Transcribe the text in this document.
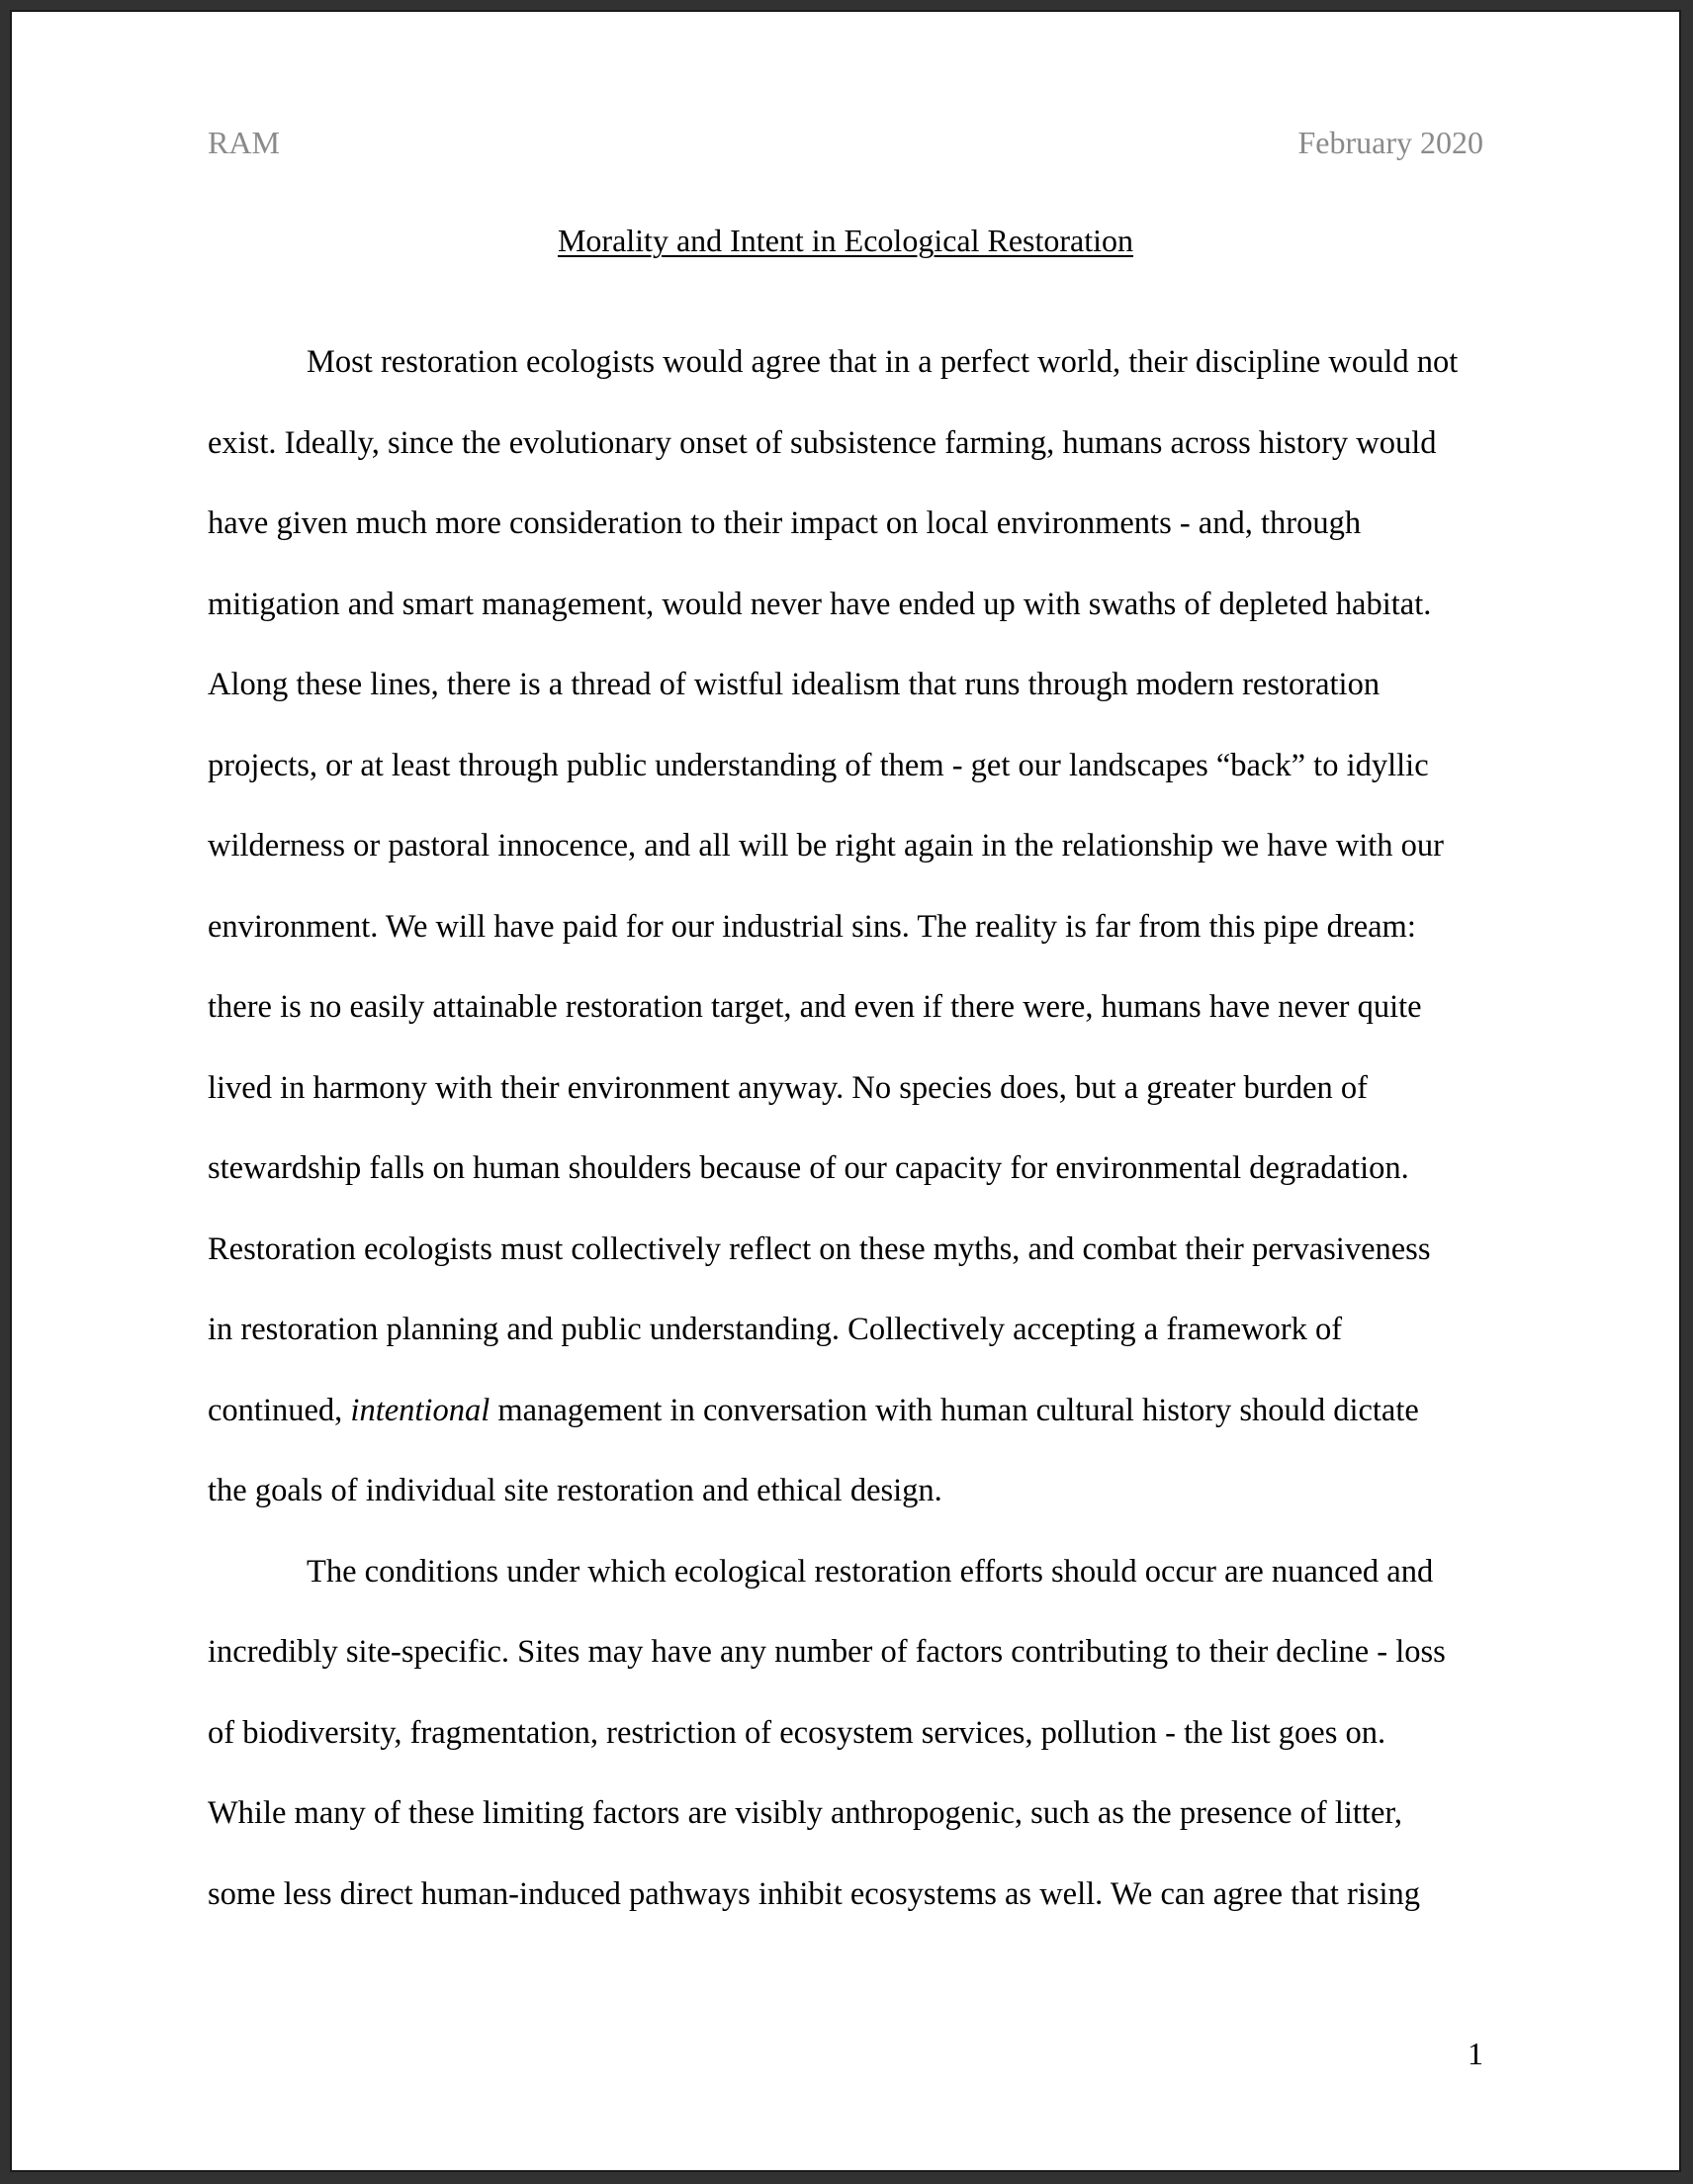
RAM	February 2020
Morality and Intent in Ecological Restoration
Most restoration ecologists would agree that in a perfect world, their discipline would not
exist. Ideally, since the evolutionary onset of subsistence farming, humans across history would
have given much more consideration to their impact on local environments - and, through
mitigation and smart management, would never have ended up with swaths of depleted habitat.
Along these lines, there is a thread of wistful idealism that runs through modern restoration
projects, or at least through public understanding of them - get our landscapes “back” to idyllic
wilderness or pastoral innocence, and all will be right again in the relationship we have with our
environment. We will have paid for our industrial sins. The reality is far from this pipe dream:
there is no easily attainable restoration target, and even if there were, humans have never quite
lived in harmony with their environment anyway. No species does, but a greater burden of
stewardship falls on human shoulders because of our capacity for environmental degradation.
Restoration ecologists must collectively reflect on these myths, and combat their pervasiveness
in restoration planning and public understanding. Collectively accepting a framework of
continued, intentional management in conversation with human cultural history should dictate
the goals of individual site restoration and ethical design.
The conditions under which ecological restoration efforts should occur are nuanced and
incredibly site-specific. Sites may have any number of factors contributing to their decline - loss
of biodiversity, fragmentation, restriction of ecosystem services, pollution - the list goes on.
While many of these limiting factors are visibly anthropogenic, such as the presence of litter,
some less direct human-induced pathways inhibit ecosystems as well. We can agree that rising
1
